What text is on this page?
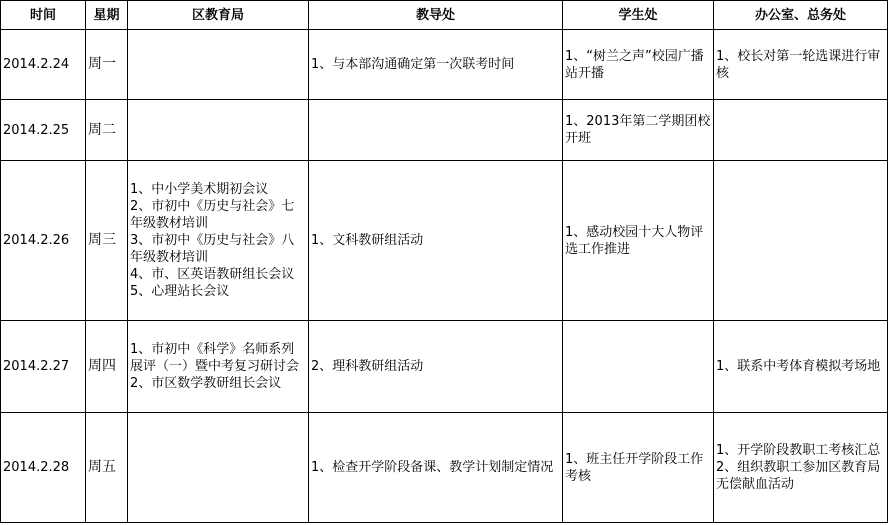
时间	星期	区教育局	教导处	学生处	办公室、总务处
2014.2.24	周一		1、与本部沟通确定第一次联考时间	1、“树兰之声”校园广播站开播	1、校长对第一轮选课进行审核

2014.2.25	周二			1、2013年第二学期团校开班	

2014.2.26	周三	1、中小学美术期初会议
2、市初中《历史与社会》七年级教材培训
3、市初中《历史与社会》八年级教材培训
4、市、区英语教研组长会议
5、心理站长会议	1、文科教研组活动	1、感动校园十大人物评选工作推进	

2014.2.27	周四	1、市初中《科学》名师系列展评（一）暨中考复习研讨会
2、市区数学教研组长会议	2、理科教研组活动		1、联系中考体育模拟考场地

2014.2.28	周五		1、检查开学阶段备课、教学计划制定情况	1、班主任开学阶段工作考核	1、开学阶段教职工考核汇总
2、组织教职工参加区教育局无偿献血活动
